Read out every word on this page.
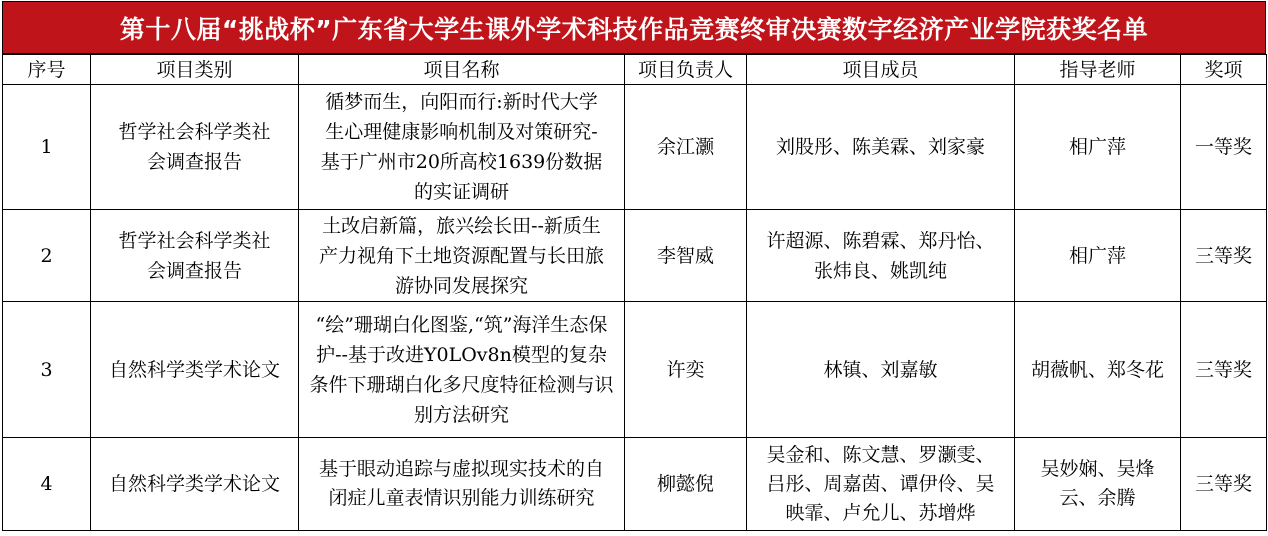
第十八届“挑战杯”广东省大学生课外学术科技作品竞赛终审决赛数字经济产业学院获奖名单
序号	项目类别	项目名称	项目负责人	项目成员	指导老师	奖项
1	哲学社会科学类社会调查报告	循梦而生，向阳而行:新时代大学生心理健康影响机制及对策研究-基于广州市20所高校1639份数据的实证调研	余江灏	刘股彤、陈美霖、刘家豪	相广萍	一等奖
2	哲学社会科学类社会调查报告	土改启新篇，旅兴绘长田--新质生产力视角下土地资源配置与长田旅游协同发展探究	李智威	许超源、陈碧霖、郑丹怡、张炜良、姚凯纯	相广萍	三等奖
3	自然科学类学术论文	“绘”珊瑚白化图鉴,“筑”海洋生态保护--基于改进Y0LOv8n模型的复杂条件下珊瑚白化多尺度特征检测与识别方法研究	许奕	林镇、刘嘉敏	胡薇帆、郑冬花	三等奖
4	自然科学类学术论文	基于眼动追踪与虚拟现实技术的自闭症儿童表情识别能力训练研究	柳懿倪	吴金和、陈文慧、罗灏雯、吕彤、周嘉茵、谭伊伶、吴映霏、卢允儿、苏增烨	吴妙娴、吴烽云、余腾	三等奖
